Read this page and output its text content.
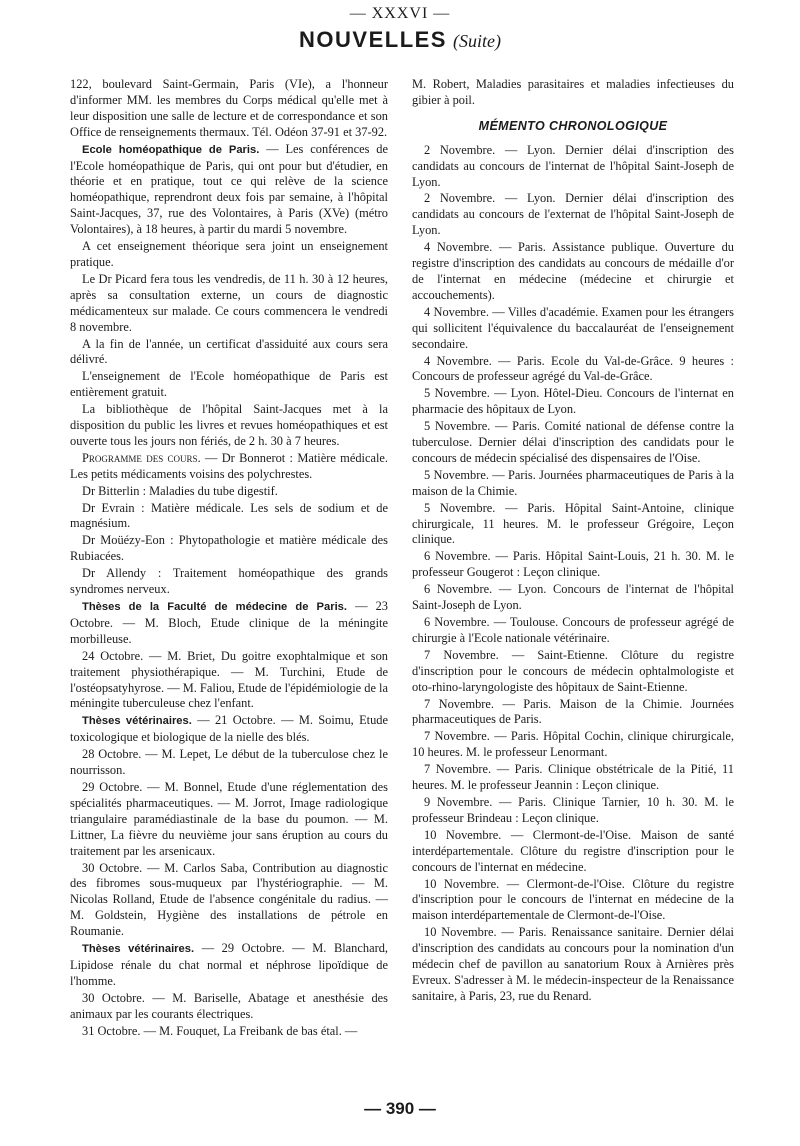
— XXXVI —
NOUVELLES (Suite)

122, boulevard Saint-Germain, Paris (VIe), a l'honneur d'informer MM. les membres du Corps médical qu'elle met à leur disposition une salle de lecture et de correspondance et son Office de renseignements thermaux. Tél. Odéon 37-91 et 37-92.

Ecole homéopathique de Paris. — Les conférences de l'Ecole homéopathique de Paris, qui ont pour but d'étudier, en théorie et en pratique, tout ce qui relève de la science homéopathique, reprendront deux fois par semaine, à l'hôpital Saint-Jacques, 37, rue des Volontaires, à Paris (XVe) (métro Volontaires), à 18 heures, à partir du mardi 5 novembre.

A cet enseignement théorique sera joint un enseignement pratique.

Le Dr Picard fera tous les vendredis, de 11 h. 30 à 12 heures, après sa consultation externe, un cours de diagnostic médicamenteux sur malade. Ce cours commencera le vendredi 8 novembre.

A la fin de l'année, un certificat d'assiduité aux cours sera délivré.

L'enseignement de l'Ecole homéopathique de Paris est entièrement gratuit.

La bibliothèque de l'hôpital Saint-Jacques met à la disposition du public les livres et revues homéopathiques et est ouverte tous les jours non fériés, de 2 h. 30 à 7 heures.

Programme des cours. — Dr Bonnerot : Matière médicale. Les petits médicaments voisins des polychrestes.

Dr Bitterlin : Maladies du tube digestif.

Dr Evrain : Matière médicale. Les sels de sodium et de magnésium.

Dr Moüézy-Eon : Phytopathologie et matière médicale des Rubiacées.

Dr Allendy : Traitement homéopathique des grands syndromes nerveux.

Thèses de la Faculté de médecine de Paris. — 23 Octobre. — M. Bloch, Etude clinique de la méningite morbilleuse.

24 Octobre. — M. Briet, Du goitre exophtalmique et son traitement physiothérapique. — M. Turchini, Etude de l'ostéopsatyhyrose. — M. Faliou, Etude de l'épidémiologie de la méningite tuberculeuse chez l'enfant.

Thèses vétérinaires. — 21 Octobre. — M. Soimu, Etude toxicologique et biologique de la nielle des blés.

28 Octobre. — M. Lepet, Le début de la tuberculose chez le nourrisson.

29 Octobre. — M. Bonnel, Etude d'une réglementation des spécialités pharmaceutiques. — M. Jorrot, Image radiologique triangulaire paramédiastinale de la base du poumon. — M. Littner, La fièvre du neuvième jour sans éruption au cours du traitement par les arsenicaux.

30 Octobre. — M. Carlos Saba, Contribution au diagnostic des fibromes sous-muqueux par l'hystériographie. — M. Nicolas Rolland, Etude de l'absence congénitale du radius. — M. Goldstein, Hygiène des installations de pétrole en Roumanie.

Thèses vétérinaires. — 29 Octobre. — M. Blanchard, Lipidose rénale du chat normal et néphrose lipoïdique de l'homme.

30 Octobre. — M. Bariselle, Abatage et anesthésie des animaux par les courants électriques.

31 Octobre. — M. Fouquet, La Freibank de bas étal. —

M. Robert, Maladies parasitaires et maladies infectieuses du gibier à poil.

MÉMENTO CHRONOLOGIQUE

2 Novembre. — Lyon. Dernier délai d'inscription des candidats au concours de l'internat de l'hôpital Saint-Joseph de Lyon.

2 Novembre. — Lyon. Dernier délai d'inscription des candidats au concours de l'externat de l'hôpital Saint-Joseph de Lyon.

4 Novembre. — Paris. Assistance publique. Ouverture du registre d'inscription des candidats au concours de médaille d'or de l'internat en médecine (médecine et chirurgie et accouchements).

4 Novembre. — Villes d'académie. Examen pour les étrangers qui sollicitent l'équivalence du baccalauréat de l'enseignement secondaire.

4 Novembre. — Paris. Ecole du Val-de-Grâce. 9 heures : Concours de professeur agrégé du Val-de-Grâce.

5 Novembre. — Lyon. Hôtel-Dieu. Concours de l'internat en pharmacie des hôpitaux de Lyon.

5 Novembre. — Paris. Comité national de défense contre la tuberculose. Dernier délai d'inscription des candidats pour le concours de médecin spécialisé des dispensaires de l'Oise.

5 Novembre. — Paris. Journées pharmaceutiques de Paris à la maison de la Chimie.

5 Novembre. — Paris. Hôpital Saint-Antoine, clinique chirurgicale, 11 heures. M. le professeur Grégoire, Leçon clinique.

6 Novembre. — Paris. Hôpital Saint-Louis, 21 h. 30. M. le professeur Gougerot : Leçon clinique.

6 Novembre. — Lyon. Concours de l'internat de l'hôpital Saint-Joseph de Lyon.

6 Novembre. — Toulouse. Concours de professeur agrégé de chirurgie à l'Ecole nationale vétérinaire.

7 Novembre. — Saint-Etienne. Clôture du registre d'inscription pour le concours de médecin ophtalmologiste et oto-rhino-laryngologiste des hôpitaux de Saint-Etienne.

7 Novembre. — Paris. Maison de la Chimie. Journées pharmaceutiques de Paris.

7 Novembre. — Paris. Hôpital Cochin, clinique chirurgicale, 10 heures. M. le professeur Lenormant.

7 Novembre. — Paris. Clinique obstétricale de la Pitié, 11 heures. M. le professeur Jeannin : Leçon clinique.

9 Novembre. — Paris. Clinique Tarnier, 10 h. 30. M. le professeur Brindeau : Leçon clinique.

10 Novembre. — Clermont-de-l'Oise. Maison de santé interdépartementale. Clôture du registre d'inscription pour le concours de l'internat en médecine.

10 Novembre. — Clermont-de-l'Oise. Clôture du registre d'inscription pour le concours de l'internat en médecine de la maison interdépartementale de Clermont-de-l'Oise.

10 Novembre. — Paris. Renaissance sanitaire. Dernier délai d'inscription des candidats au concours pour la nomination d'un médecin chef de pavillon au sanatorium Roux à Arnières près Evreux. S'adresser à M. le médecin-inspecteur de la Renaissance sanitaire, à Paris, 23, rue du Renard.

— 390 —
